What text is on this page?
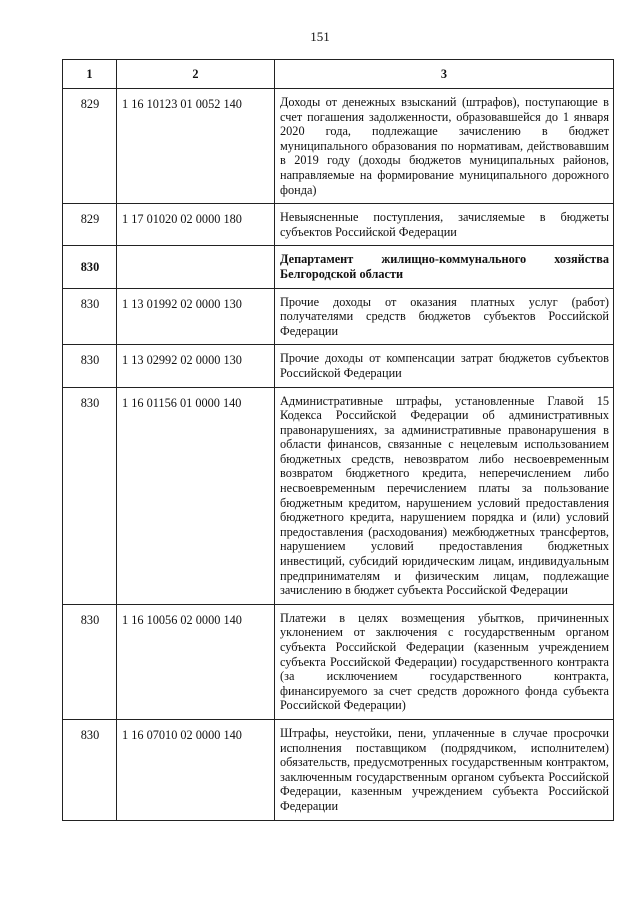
151
1	2	3
829	1 16 10123 01 0052 140	Доходы от денежных взысканий (штрафов), поступающие в счет погашения задолженности, образовавшейся до 1 января 2020 года, подлежащие зачислению в бюджет муниципального образования по нормативам, действовавшим в 2019 году (доходы бюджетов муниципальных районов, направляемые на формирование муниципального дорожного фонда)
829	1 17 01020 02 0000 180	Невыясненные поступления, зачисляемые в бюджеты субъектов Российской Федерации
830		Департамент жилищно-коммунального хозяйства Белгородской области
830	1 13 01992 02 0000 130	Прочие доходы от оказания платных услуг (работ) получателями средств бюджетов субъектов Российской Федерации
830	1 13 02992 02 0000 130	Прочие доходы от компенсации затрат бюджетов субъектов Российской Федерации
830	1 16 01156 01 0000 140	Административные штрафы, установленные Главой 15 Кодекса Российской Федерации об административных правонарушениях, за административные правонарушения в области финансов, связанные с нецелевым использованием бюджетных средств, невозвратом либо несвоевременным возвратом бюджетного кредита, неперечислением либо несвоевременным перечислением платы за пользование бюджетным кредитом, нарушением условий предоставления бюджетного кредита, нарушением порядка и (или) условий предоставления (расходования) межбюджетных трансфертов, нарушением условий предоставления бюджетных инвестиций, субсидий юридическим лицам, индивидуальным предпринимателям и физическим лицам, подлежащие зачислению в бюджет субъекта Российской Федерации
830	1 16 10056 02 0000 140	Платежи в целях возмещения убытков, причиненных уклонением от заключения с государственным органом субъекта Российской Федерации (казенным учреждением субъекта Российской Федерации) государственного контракта (за исключением государственного контракта, финансируемого за счет средств дорожного фонда субъекта Российской Федерации)
830	1 16 07010 02 0000 140	Штрафы, неустойки, пени, уплаченные в случае просрочки исполнения поставщиком (подрядчиком, исполнителем) обязательств, предусмотренных государственным контрактом, заключенным государственным органом субъекта Российской Федерации, казенным учреждением субъекта Российской Федерации
